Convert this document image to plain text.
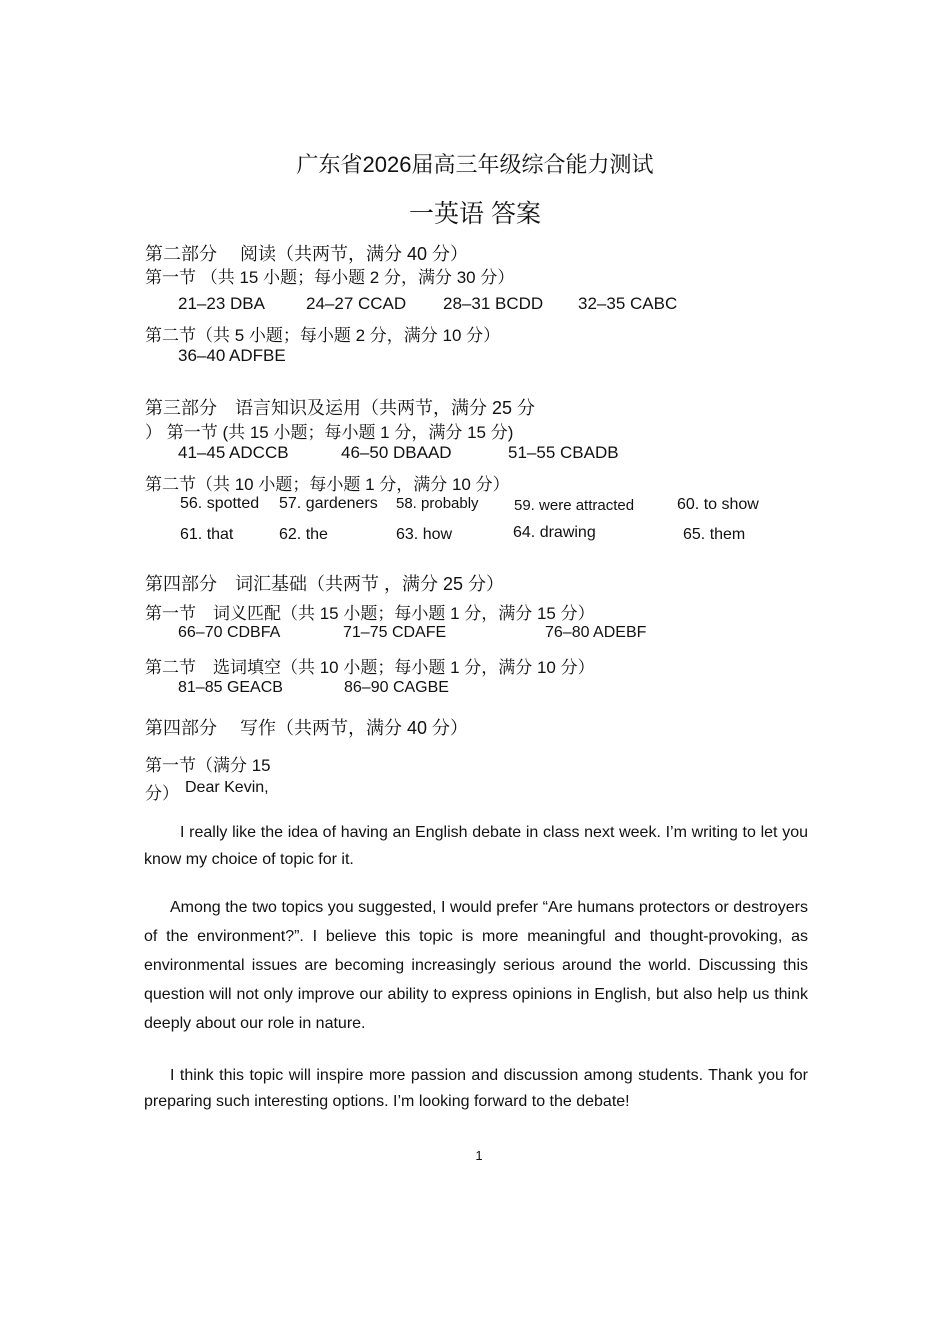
广东省2026届高三年级综合能力测试
一英语 答案
第二部分　 阅读（共两节，满分 40 分）
第一节 （共 15 小题；每小题 2 分，满分 30 分）
21–23 DBA 24–27 CCAD 28–31 BCDD 32–35 CABC
第二节（共 5 小题；每小题 2 分，满分 10 分）
36–40 ADFBE
第三部分　语言知识及运用（共两节，满分 25 分
） 第一节 (共 15 小题；每小题 1 分，满分 15 分)
41–45 ADCCB	46–50 DBAAD	51–55 CBADB
第二节（共 10 小题；每小题 1 分，满分 10 分）
56. spotted 57. gardeners 58. probably 59. were attracted	60. to show
61. that	62. the	63. how	64. drawing	65. them
第四部分　词汇基础（共两节 ，满分 25 分）
第一节　词义匹配（共 15 小题；每小题 1 分，满分 15 分）
66–70 CDBFA	71–75 CDAFE	76–80 ADEBF
第二节　选词填空（共 10 小题；每小题 1 分，满分 10 分）
81–85 GEACB	86–90 CAGBE
第四部分　 写作（共两节，满分 40 分）
第一节（满分 15
分） Dear Kevin,

I really like the idea of having an English debate in class next week. I’m writing to let you know my choice of topic for it.

Among the two topics you suggested, I would prefer “Are humans protectors or destroyers of the environment?”. I believe this topic is more meaningful and thought-provoking, as environmental issues are becoming increasingly serious around the world. Discussing this question will not only improve our ability to express opinions in English, but also help us think deeply about our role in nature.

I think this topic will inspire more passion and discussion among students. Thank you for preparing such interesting options. I’m looking forward to the debate!

1
